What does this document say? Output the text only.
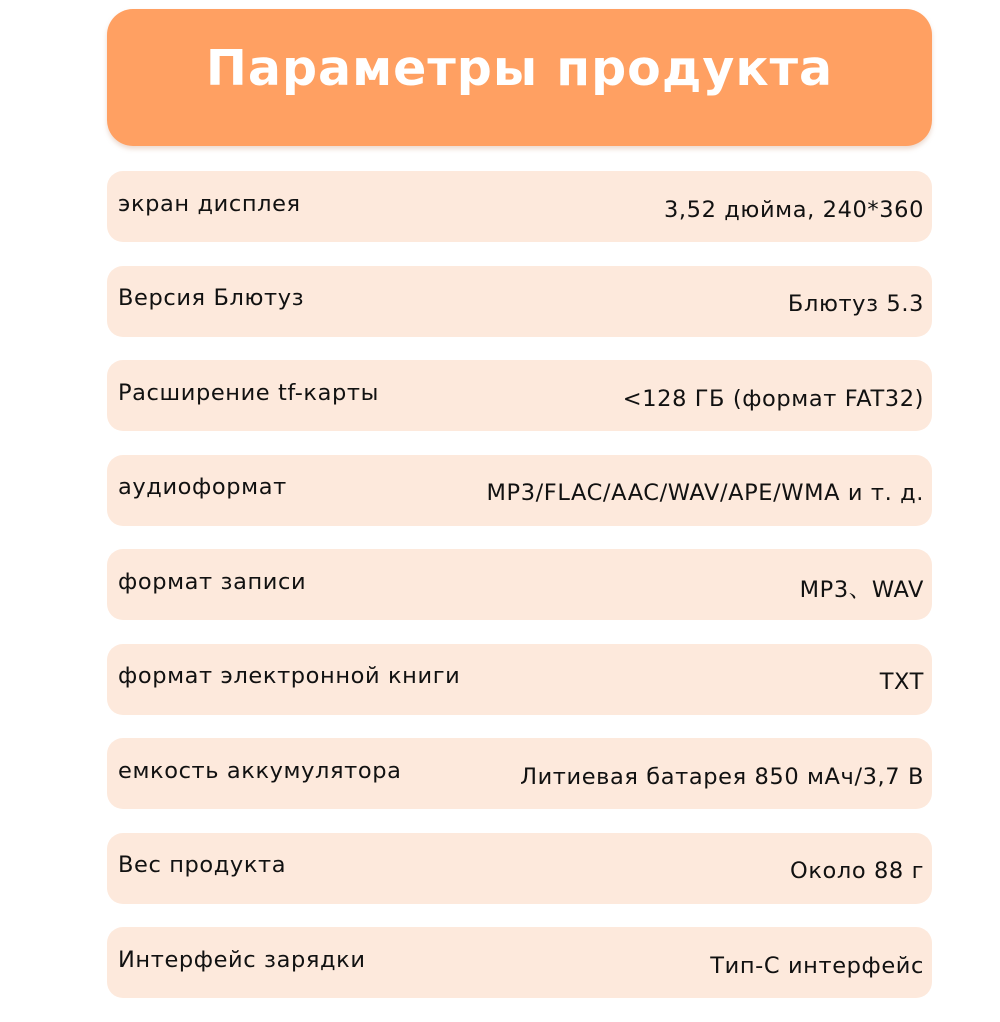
Параметры продукта
экран дисплея	3,52 дюйма, 240*360
Версия Блютуз	Блютуз 5.3
Расширение tf-карты	<128 ГБ (формат FAT32)
аудиоформат	MP3/FLAC/AAC/WAV/APE/WMA и т. д.
формат записи	MP3、WAV
формат электронной книги	TXT
емкость аккумулятора	Литиевая батарея 850 мАч/3,7 В
Вес продукта	Около 88 г
Интерфейс зарядки	Тип-С интерфейс
